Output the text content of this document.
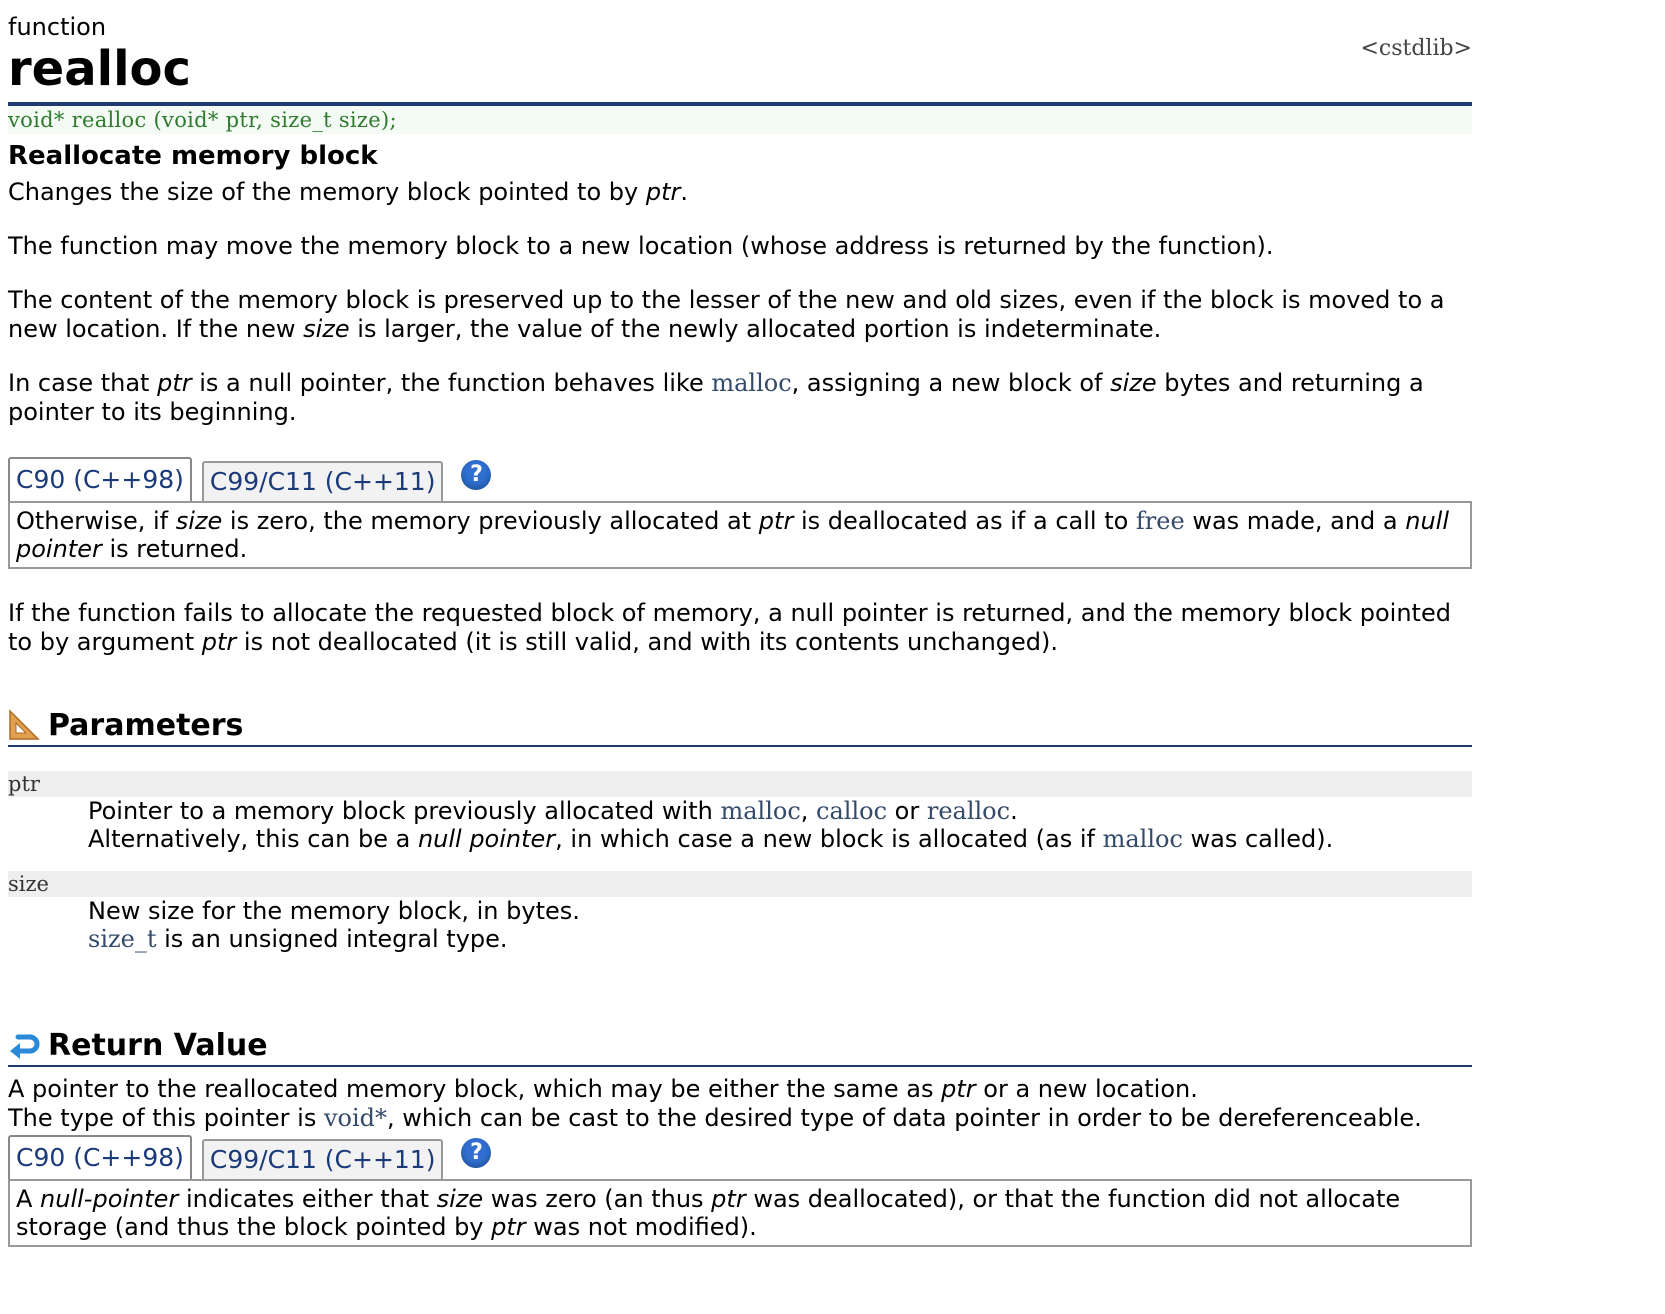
function
realloc	<cstdlib>
void* realloc (void* ptr, size_t size);
Reallocate memory block

Changes the size of the memory block pointed to by ptr.

The function may move the memory block to a new location (whose address is returned by the function).

The content of the memory block is preserved up to the lesser of the new and old sizes, even if the block is moved to a new location. If the new size is larger, the value of the newly allocated portion is indeterminate.

In case that ptr is a null pointer, the function behaves like malloc, assigning a new block of size bytes and returning a pointer to its beginning.

C90 (C++98)	C99/C11 (C++11)	?
Otherwise, if size is zero, the memory previously allocated at ptr is deallocated as if a call to free was made, and a null pointer is returned.

If the function fails to allocate the requested block of memory, a null pointer is returned, and the memory block pointed to by argument ptr is not deallocated (it is still valid, and with its contents unchanged).

Parameters
ptr
Pointer to a memory block previously allocated with malloc, calloc or realloc.
Alternatively, this can be a null pointer, in which case a new block is allocated (as if malloc was called).
size
New size for the memory block, in bytes.
size_t is an unsigned integral type.
Return Value

A pointer to the reallocated memory block, which may be either the same as ptr or a new location.

The type of this pointer is void*, which can be cast to the desired type of data pointer in order to be dereferenceable.

C90 (C++98)	C99/C11 (C++11)	?
A null-pointer indicates either that size was zero (an thus ptr was deallocated), or that the function did not allocate storage (and thus the block pointed by ptr was not modified).
